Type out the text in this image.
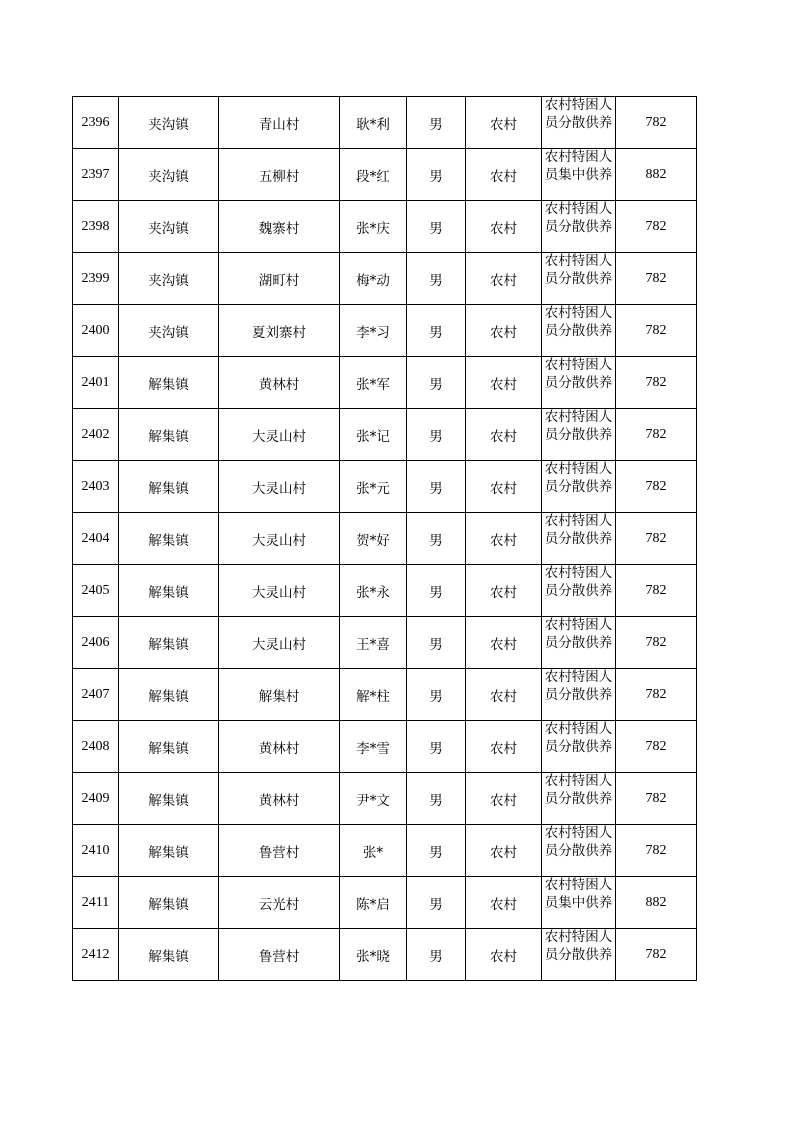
2396	夹沟镇	青山村	耿*利	男	农村	农村特困人员分散供养	782
2397	夹沟镇	五柳村	段*红	男	农村	农村特困人员集中供养	882
2398	夹沟镇	魏寨村	张*庆	男	农村	农村特困人员分散供养	782
2399	夹沟镇	湖町村	梅*动	男	农村	农村特困人员分散供养	782
2400	夹沟镇	夏刘寨村	李*习	男	农村	农村特困人员分散供养	782
2401	解集镇	黄林村	张*军	男	农村	农村特困人员分散供养	782
2402	解集镇	大灵山村	张*记	男	农村	农村特困人员分散供养	782
2403	解集镇	大灵山村	张*元	男	农村	农村特困人员分散供养	782
2404	解集镇	大灵山村	贺*好	男	农村	农村特困人员分散供养	782
2405	解集镇	大灵山村	张*永	男	农村	农村特困人员分散供养	782
2406	解集镇	大灵山村	王*喜	男	农村	农村特困人员分散供养	782
2407	解集镇	解集村	解*柱	男	农村	农村特困人员分散供养	782
2408	解集镇	黄林村	李*雪	男	农村	农村特困人员分散供养	782
2409	解集镇	黄林村	尹*文	男	农村	农村特困人员分散供养	782
2410	解集镇	鲁营村	张*	男	农村	农村特困人员分散供养	782
2411	解集镇	云光村	陈*启	男	农村	农村特困人员集中供养	882
2412	解集镇	鲁营村	张*晓	男	农村	农村特困人员分散供养	782
